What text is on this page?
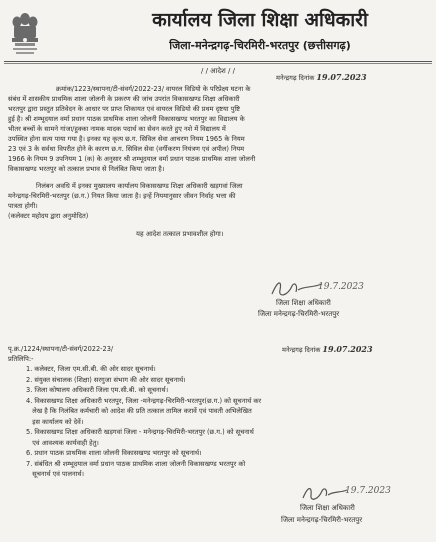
कार्यालय जिला शिक्षा अधिकारी
जिला-मनेन्द्रगढ़-चिरमिरी-भरतपुर (छत्तीसगढ़)
/ / आदेश / /
मनेन्द्रगढ़ दिनांक 19.07.2023
क्रमांक/1223/स्थापना/टी-संवर्ग/2022-23/ वायरल विडियो के परिप्रेक्ष्य घटना के
संबंध में शासकीय प्राथमिक शाला जोलनी के प्रकरण की जांच उपरांत विकासखण्ड शिक्षा अधिकारी
भरतपुर द्वारा प्रस्तुत प्रतिवेदन के आधार पर प्राप्त शिकायत एवं वायरल विडियो की प्रथम दृष्टया पुष्टि
हुई है। श्री शम्भूदयाल वर्मा प्रधान पाठक प्राथमिक शाला जोलनी विकासखण्ड भरतपुर का विद्यालय के
भीतर बच्चों के सामने गांजा/हुक्का नामक मादक पदार्थ का सेवन करते हुए नशे में विद्यालय में
उपस्थित होना सत्य पाया गया है। इनका यह कृत्य छ.ग. सिविल सेवा आचरण नियम 1965 के नियम
23 एवं 3 के सर्वथा विपरीत होने के कारण छ.ग. सिविल सेवा (वर्गीकरण नियंत्रण एवं अपील) नियम
1966 के नियम 9 उपनियम 1 (क) के अनुसार श्री शम्भूदयाल वर्मा प्रधान पाठक प्राथमिक शाला जोलनी
विकासखण्ड भरतपुर को तत्काल प्रभाव से निलंबित किया जाता है।
निलंबन अवधि में इनका मुख्यालय कार्यालय विकासखण्ड शिक्षा अधिकारी खड़गवां जिला
मनेन्द्रगढ़-चिरमिरी-भरतपुर (छ.ग.) नियत किया जाता है। इन्हें नियमानुसार जीवन निर्वाह भत्ता की
पात्रता होगी।
(कलेक्टर महोदय द्वारा अनुमोदित)
यह आदेश तत्काल प्रभावशील होगा।
19.7.2023
जिला शिक्षा अधिकारी
जिला मनेन्द्रगढ़-चिरमिरी-भरतपुर
पृ.क्र./1224/स्थापना/टी-संवर्ग/2022-23/	मनेन्द्रगढ़ दिनांक 19.07.2023
प्रतिलिपि:-
1. कलेक्टर, जिला एम.सी.बी. की ओर सादर सूचनार्थ।
2. संयुक्त संचालक (शिक्षा) सरगुजा संभाग की ओर सादर सूचनार्थ।
3. जिला कोषालय अधिकारी जिला एम.सी.बी. को सूचनार्थ।
4. विकासखण्ड शिक्षा अधिकारी भरतपुर, जिला -मनेन्द्रगढ़-चिरमिरी-भरतपुर(छ.ग.) को सूचनार्थ कर
लेख है कि निलंबित कर्मचारी को आदेश की प्रति तत्काल तामिल करावें एवं पावती अभिलेखित
इस कार्यालय को देवें।
5. विकासखण्ड शिक्षा अधिकारी खड़गवां जिला - मनेन्द्रगढ़-चिरमिरी-भरतपुर (छ.ग.) को सूचनार्थ
एवं आवश्यक कार्यवाही हेतु।
6. प्रधान पाठक प्राथमिक शाला जोलनी विकासखण्ड भरतपुर को सूचनार्थ।
7. संबंधित श्री शम्भूदयाल वर्मा प्रधान पाठक प्राथमिक शाला जोलनी विकासखण्ड भरतपुर को
सूचनार्थ एवं पालनार्थ।
19.7.2023
जिला शिक्षा अधिकारी
जिला मनेन्द्रगढ़-चिरमिरी-भरतपुर
